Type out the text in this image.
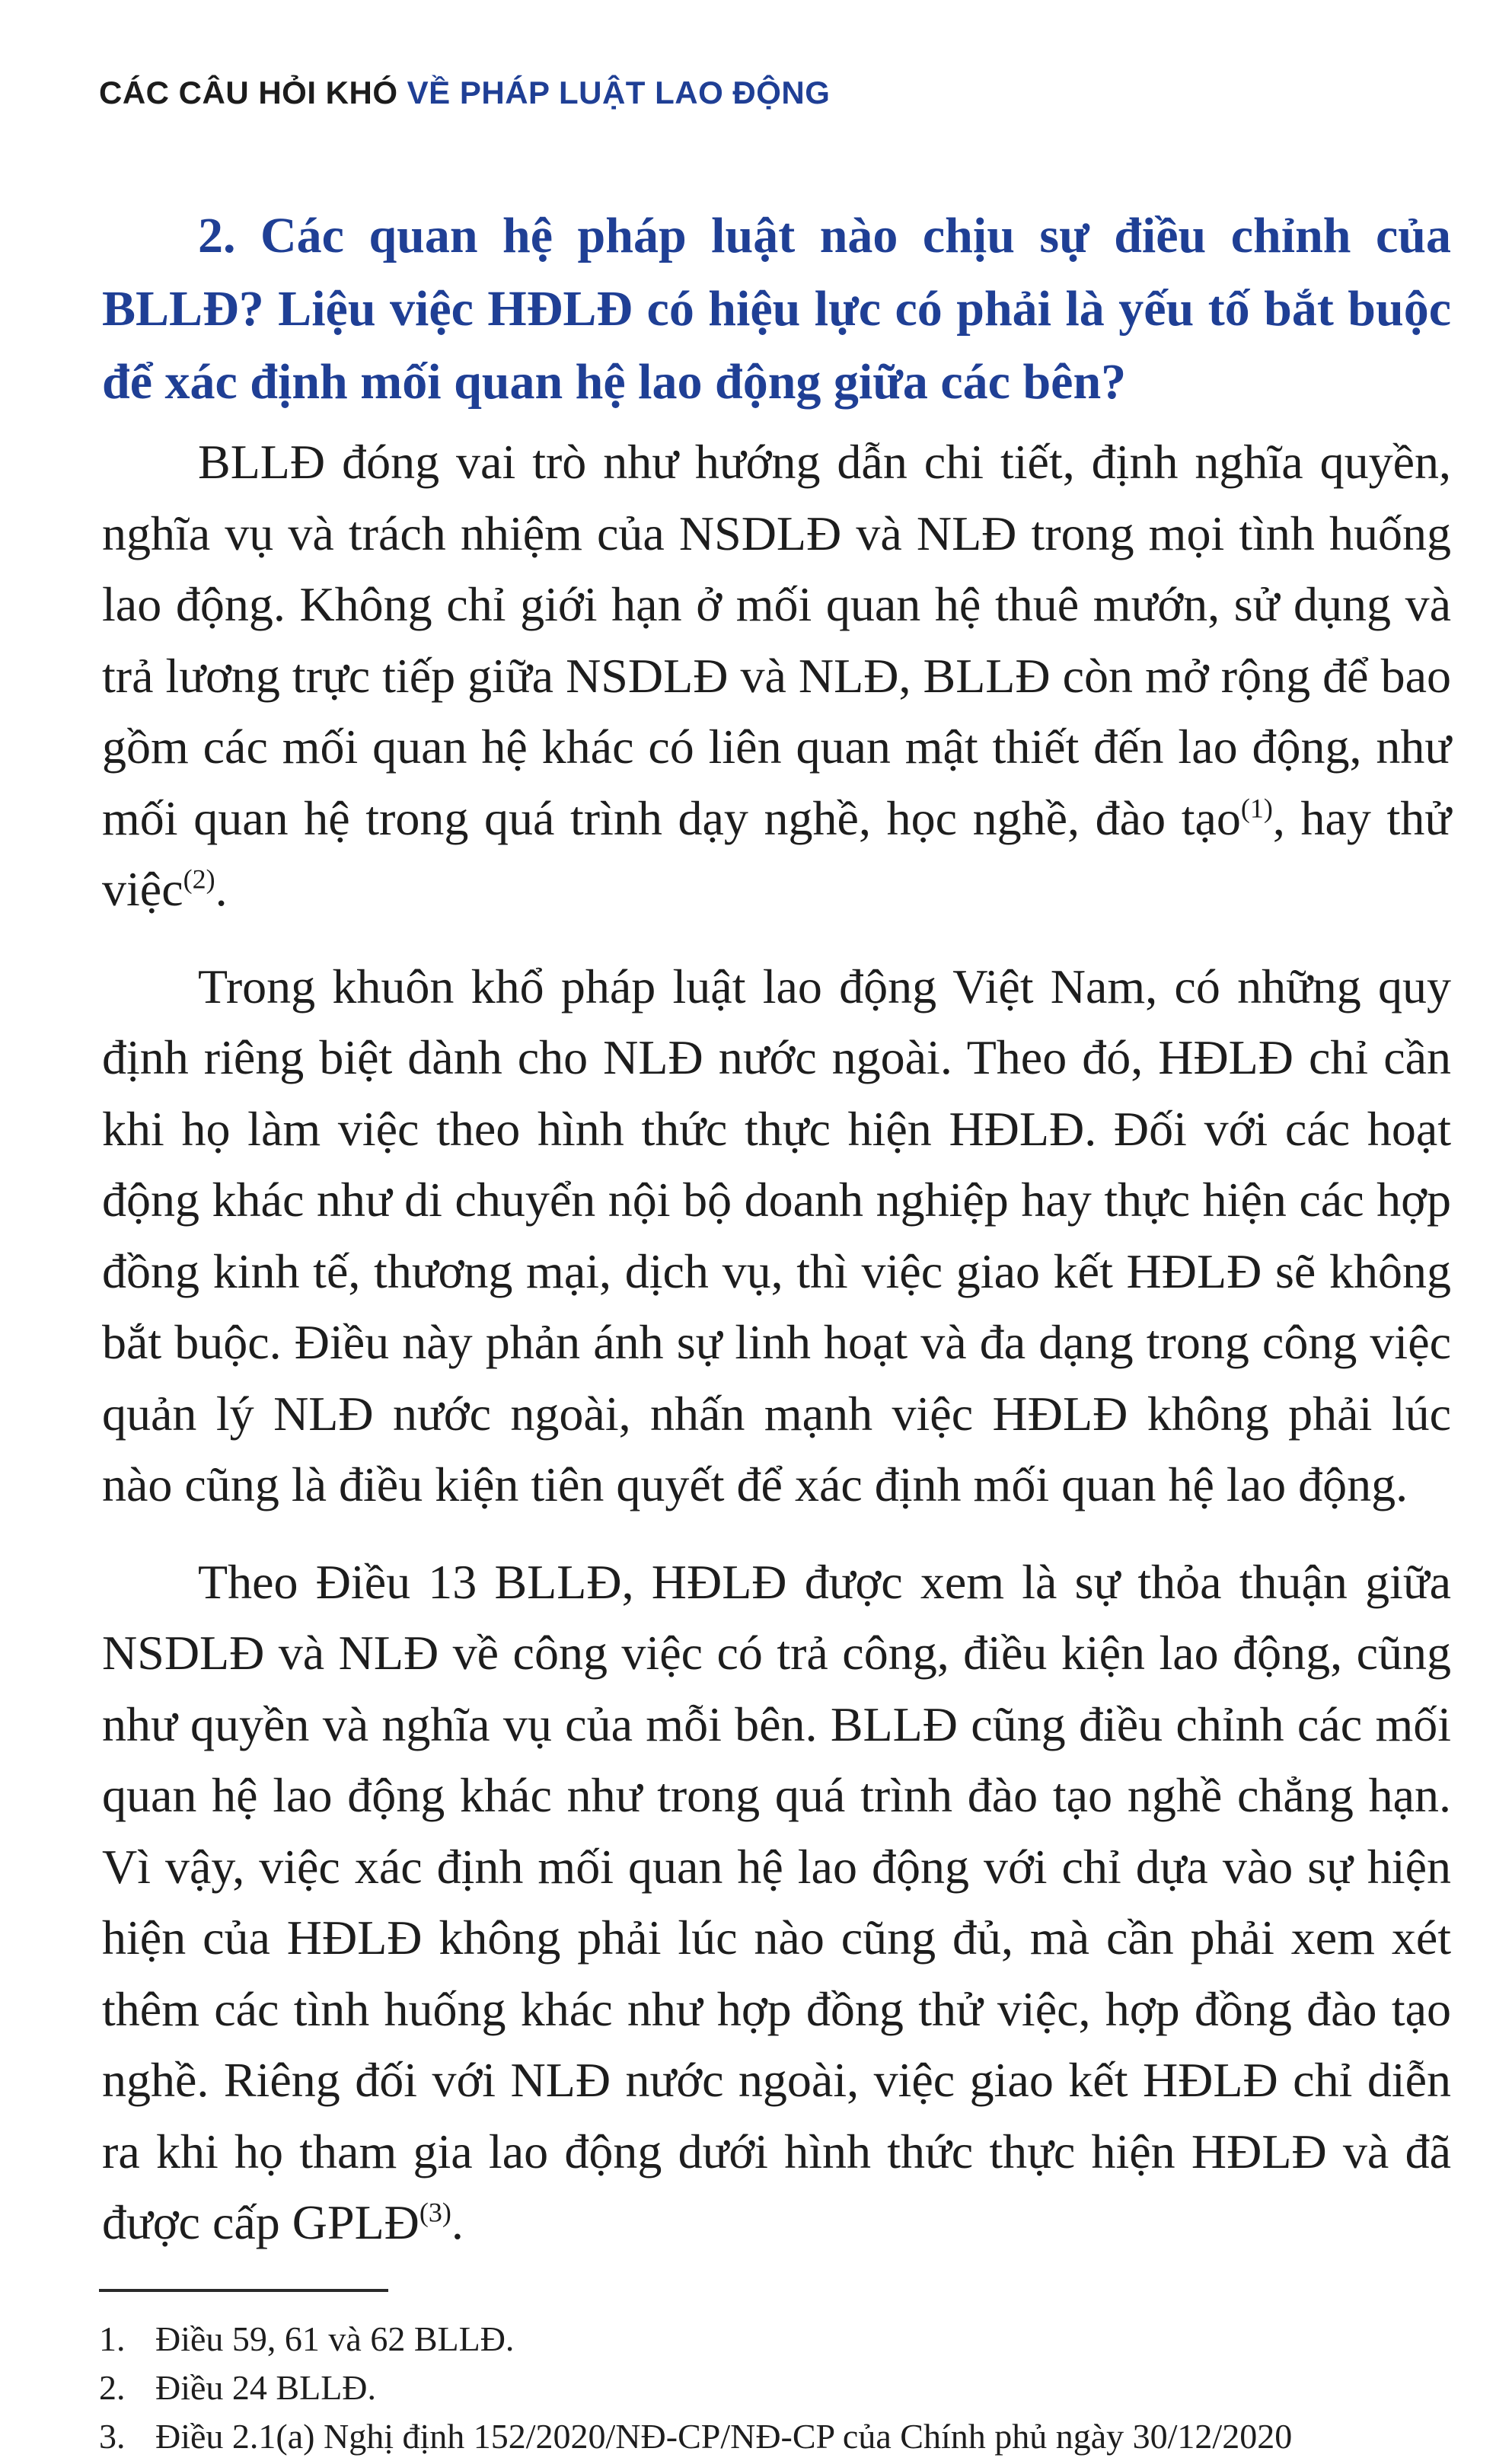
CÁC CÂU HỎI KHÓ VỀ PHÁP LUẬT LAO ĐỘNG

2. Các quan hệ pháp luật nào chịu sự điều chỉnh của BLLĐ? Liệu việc HĐLĐ có hiệu lực có phải là yếu tố bắt buộc để xác định mối quan hệ lao động giữa các bên?

BLLĐ đóng vai trò như hướng dẫn chi tiết, định nghĩa quyền, nghĩa vụ và trách nhiệm của NSDLĐ và NLĐ trong mọi tình huống lao động. Không chỉ giới hạn ở mối quan hệ thuê mướn, sử dụng và trả lương trực tiếp giữa NSDLĐ và NLĐ, BLLĐ còn mở rộng để bao gồm các mối quan hệ khác có liên quan mật thiết đến lao động, như mối quan hệ trong quá trình dạy nghề, học nghề, đào tạo$^{(1)}$, hay thử việc$^{(2)}$.

Trong khuôn khổ pháp luật lao động Việt Nam, có những quy định riêng biệt dành cho NLĐ nước ngoài. Theo đó, HĐLĐ chỉ cần khi họ làm việc theo hình thức thực hiện HĐLĐ. Đối với các hoạt động khác như di chuyển nội bộ doanh nghiệp hay thực hiện các hợp đồng kinh tế, thương mại, dịch vụ, thì việc giao kết HĐLĐ sẽ không bắt buộc. Điều này phản ánh sự linh hoạt và đa dạng trong công việc quản lý NLĐ nước ngoài, nhấn mạnh việc HĐLĐ không phải lúc nào cũng là điều kiện tiên quyết để xác định mối quan hệ lao động.

Theo Điều 13 BLLĐ, HĐLĐ được xem là sự thỏa thuận giữa NSDLĐ và NLĐ về công việc có trả công, điều kiện lao động, cũng như quyền và nghĩa vụ của mỗi bên. BLLĐ cũng điều chỉnh các mối quan hệ lao động khác như trong quá trình đào tạo nghề chẳng hạn. Vì vậy, việc xác định mối quan hệ lao động với chỉ dựa vào sự hiện hiện của HĐLĐ không phải lúc nào cũng đủ, mà cần phải xem xét thêm các tình huống khác như hợp đồng thử việc, hợp đồng đào tạo nghề. Riêng đối với NLĐ nước ngoài, việc giao kết HĐLĐ chỉ diễn ra khi họ tham gia lao động dưới hình thức thực hiện HĐLĐ và đã được cấp GPLĐ$^{(3)}$.

1. Điều 59, 61 và 62 BLLĐ.
2. Điều 24 BLLĐ.
3. Điều 2.1(a) Nghị định 152/2020/NĐ-CP/NĐ-CP của Chính phủ ngày 30/12/2020
